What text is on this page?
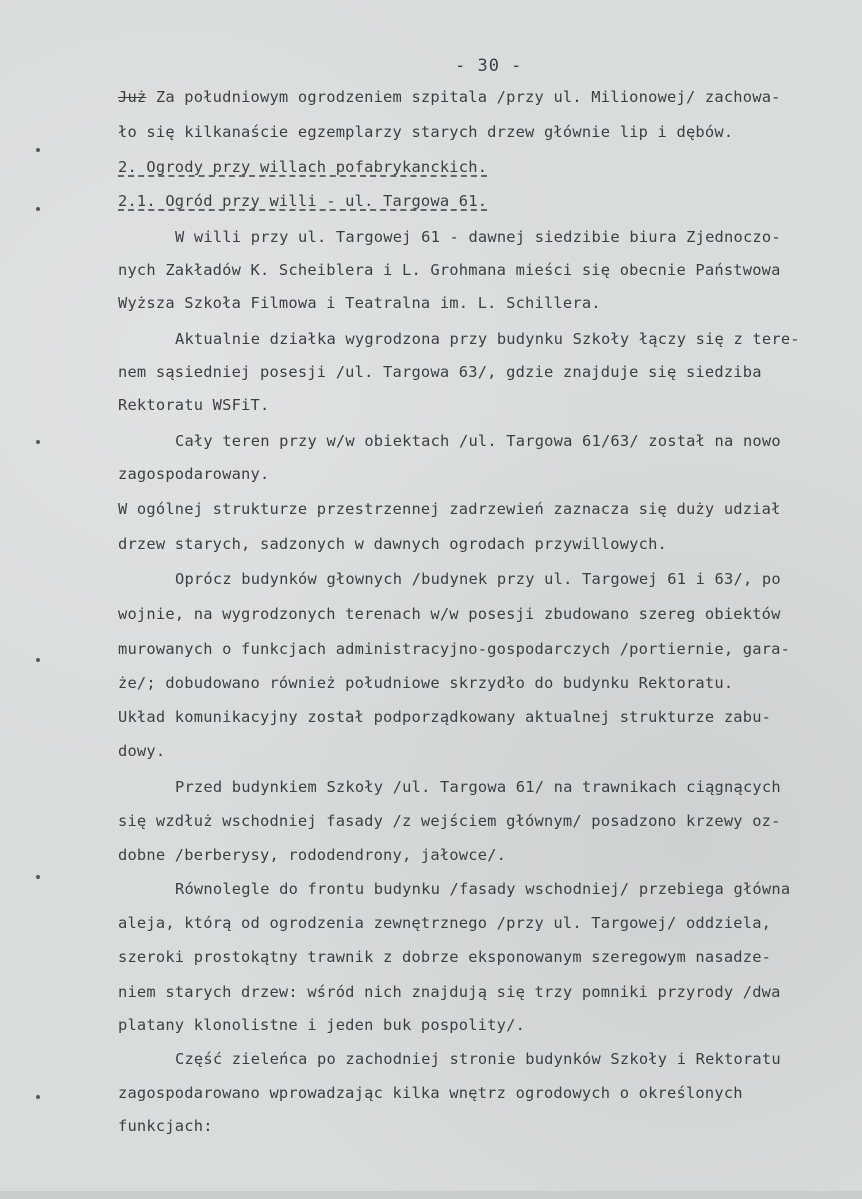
- 30 -
Już Za południowym ogrodzeniem szpitala /przy ul. Milionowej/ zachowa-
ło się kilkanaście egzemplarzy starych drzew głównie lip i dębów.
2. Ogrody przy willach pofabrykanckich.
2.1. Ogród przy willi - ul. Targowa 61.
W willi przy ul. Targowej 61 - dawnej siedzibie biura Zjednoczo-
nych Zakładów K. Scheiblera i L. Grohmana mieści się obecnie Państwowa
Wyższa Szkoła Filmowa i Teatralna im. L. Schillera.
Aktualnie działka wygrodzona przy budynku Szkoły łączy się z tere-
nem sąsiedniej posesji /ul. Targowa 63/, gdzie znajduje się siedziba
Rektoratu WSFiT.
Cały teren przy w/w obiektach /ul. Targowa 61/63/ został na nowo
zagospodarowany.
W ogólnej strukturze przestrzennej zadrzewień zaznacza się duży udział
drzew starych, sadzonych w dawnych ogrodach przywillowych.
Oprócz budynków głownych /budynek przy ul. Targowej 61 i 63/, po
wojnie, na wygrodzonych terenach w/w posesji zbudowano szereg obiektów
murowanych o funkcjach administracyjno-gospodarczych /portiernie, gara-
że/; dobudowano również południowe skrzydło do budynku Rektoratu.
Układ komunikacyjny został podporządkowany aktualnej strukturze zabu-
dowy.
Przed budynkiem Szkoły /ul. Targowa 61/ na trawnikach ciągnących
się wzdłuż wschodniej fasady /z wejściem głównym/ posadzono krzewy oz-
dobne /berberysy, rododendrony, jałowce/.
Równolegle do frontu budynku /fasady wschodniej/ przebiega główna
aleja, którą od ogrodzenia zewnętrznego /przy ul. Targowej/ oddziela,
szeroki prostokątny trawnik z dobrze eksponowanym szeregowym nasadze-
niem starych drzew: wśród nich znajdują się trzy pomniki przyrody /dwa
platany klonolistne i jeden buk pospolity/.
Część zieleńca po zachodniej stronie budynków Szkoły i Rektoratu
zagospodarowano wprowadzając kilka wnętrz ogrodowych o określonych
funkcjach:
